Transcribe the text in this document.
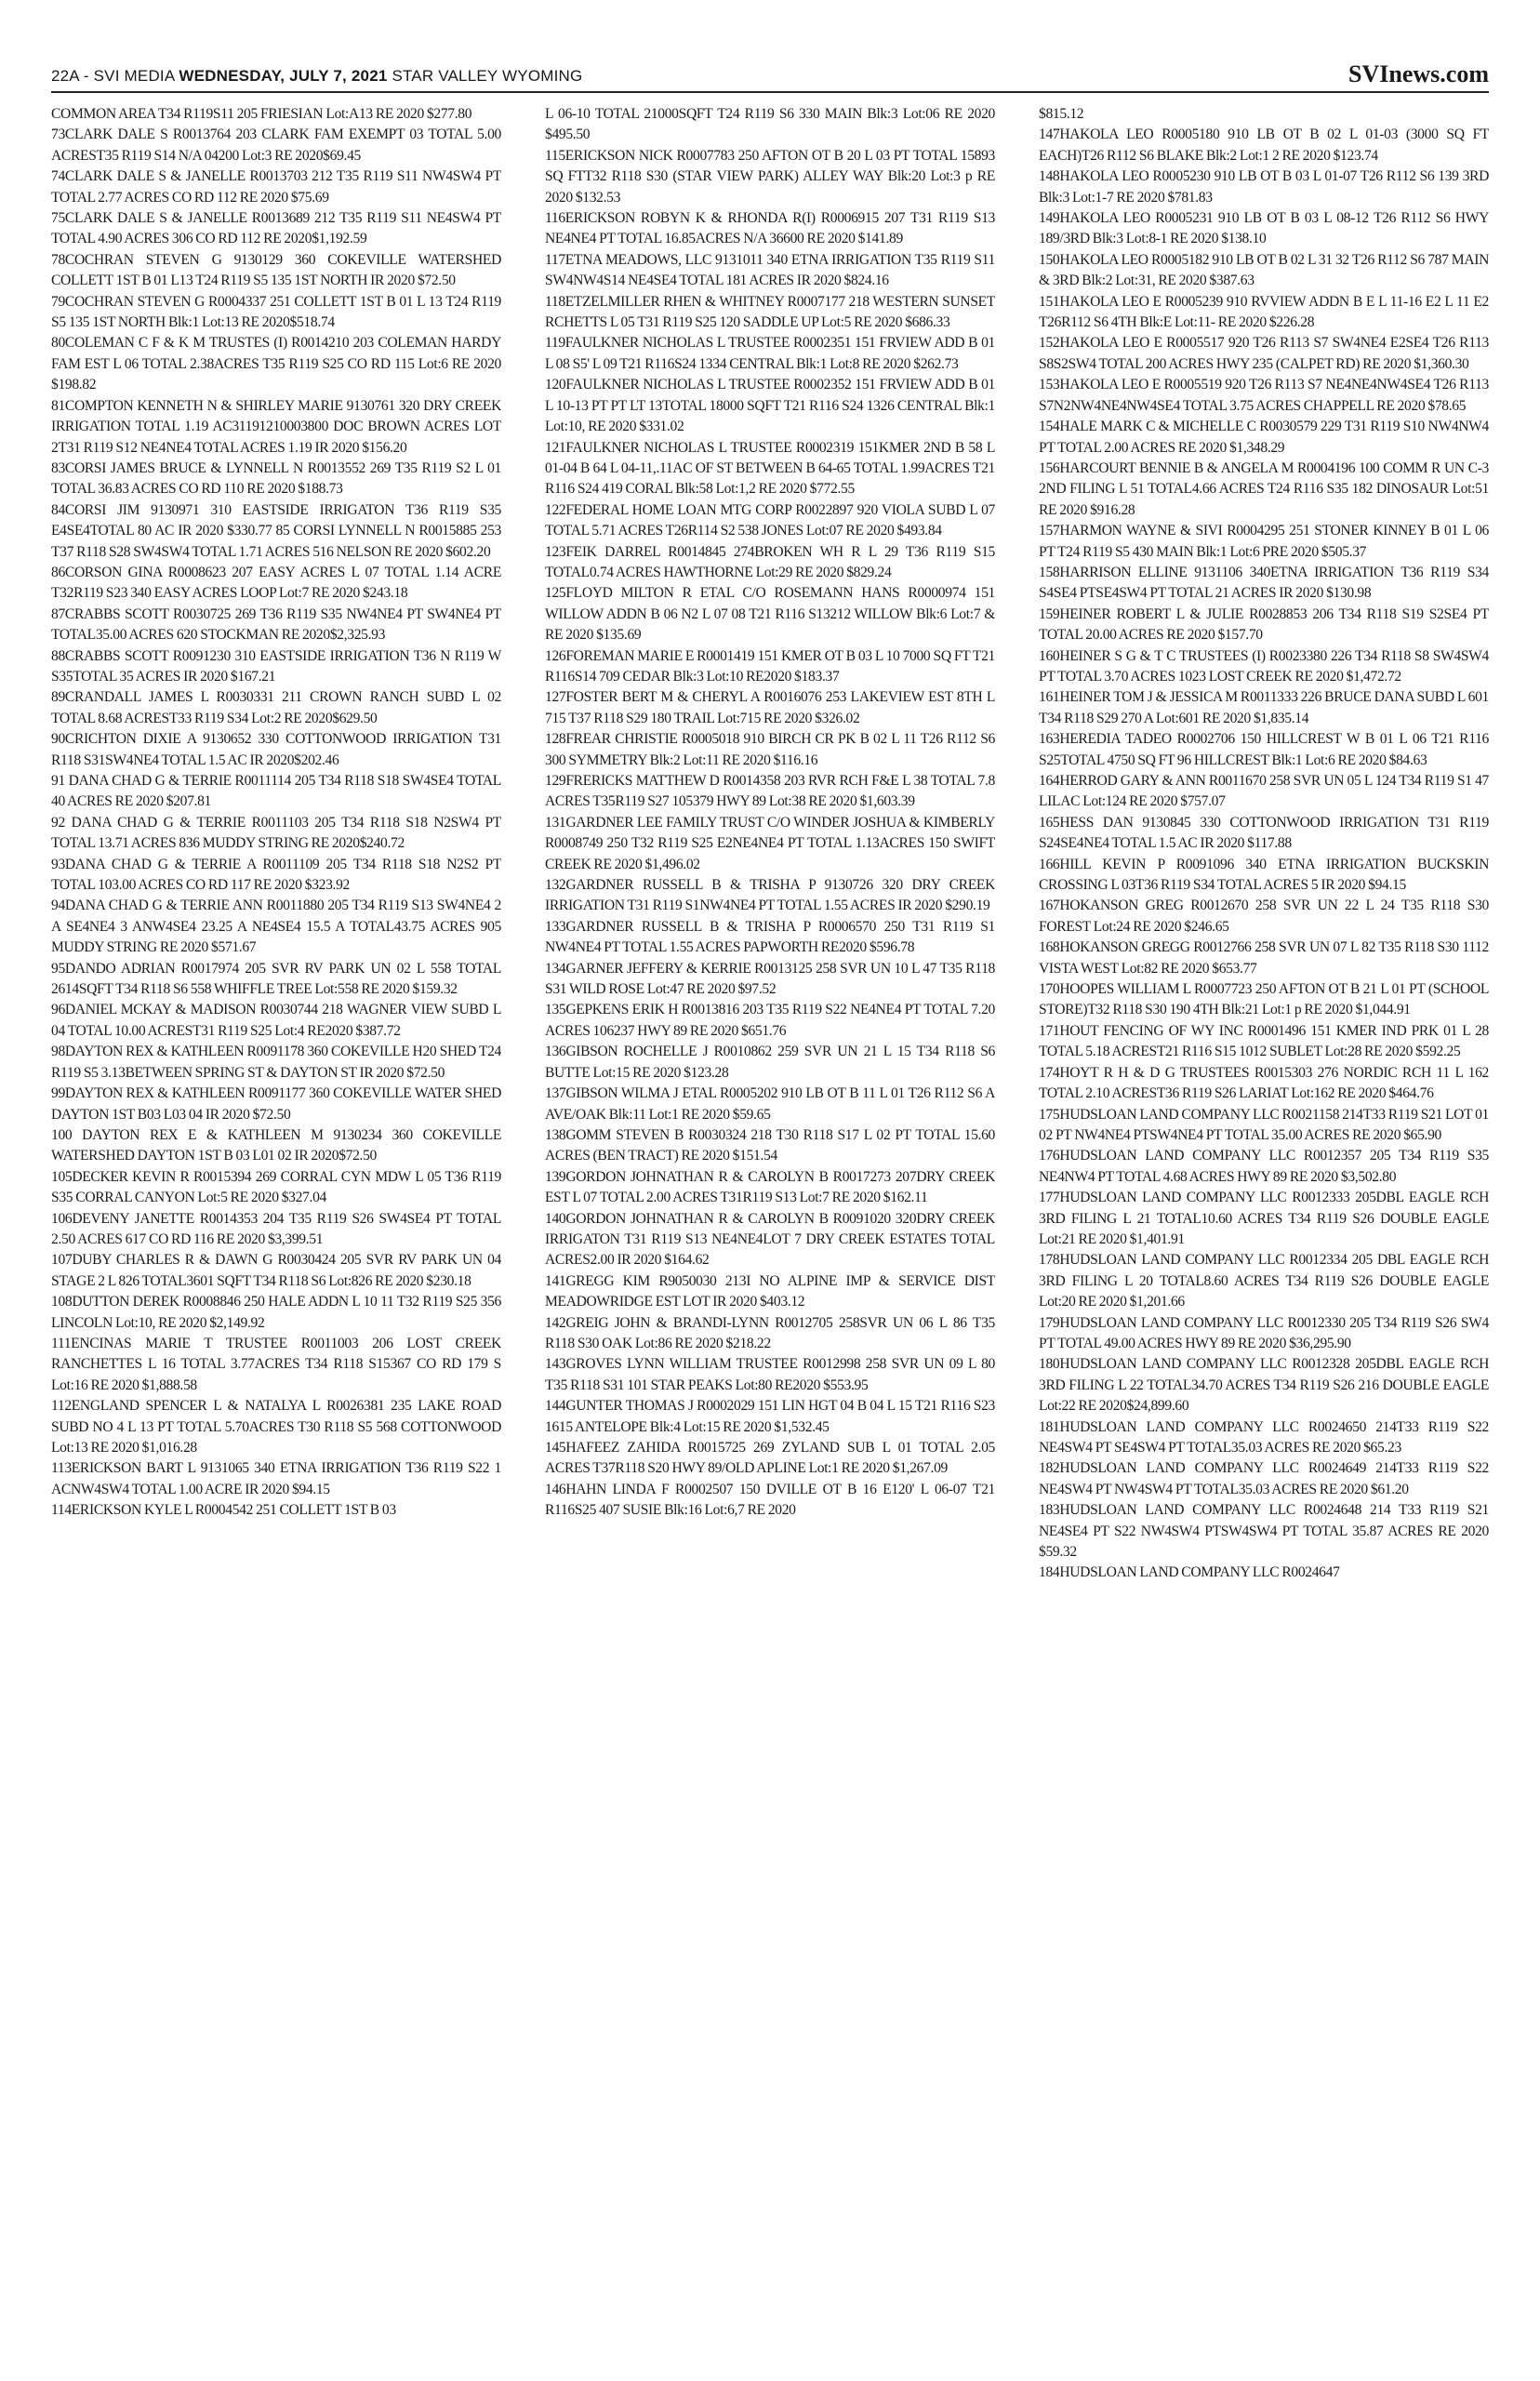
22A - SVI MEDIA WEDNESDAY, JULY 7, 2021 STAR VALLEY WYOMING	SVInews.com

COMMON AREA T34 R119S11 205 FRIESIAN Lot:A13 RE 2020 $277.80

73CLARK DALE S R0013764 203 CLARK FAM EXEMPT 03 TOTAL 5.00 ACREST35 R119 S14 N/A 04200 Lot:3 RE 2020$69.45

74CLARK DALE S & JANELLE R0013703 212 T35 R119 S11 NW4SW4 PT TOTAL 2.77 ACRES CO RD 112 RE 2020 $75.69

75CLARK DALE S & JANELLE R0013689 212 T35 R119 S11 NE4SW4 PT TOTAL 4.90 ACRES 306 CO RD 112 RE 2020$1,192.59

78COCHRAN STEVEN G 9130129 360 COKEVILLE WATERSHED COLLETT 1ST B 01 L13 T24 R119 S5 135 1ST NORTH IR 2020 $72.50

79COCHRAN STEVEN G R0004337 251 COLLETT 1ST B 01 L 13 T24 R119 S5 135 1ST NORTH Blk:1 Lot:13 RE 2020$518.74

80COLEMAN C F & K M TRUSTES (I) R0014210 203 COLEMAN HARDY FAM EST L 06 TOTAL 2.38ACRES T35 R119 S25 CO RD 115 Lot:6 RE 2020 $198.82

81COMPTON KENNETH N & SHIRLEY MARIE 9130761 320 DRY CREEK IRRIGATION TOTAL 1.19 AC31191210003800 DOC BROWN ACRES LOT 2T31 R119 S12 NE4NE4 TOTAL ACRES 1.19 IR 2020 $156.20

83CORSI JAMES BRUCE & LYNNELL N R0013552 269 T35 R119 S2 L 01 TOTAL 36.83 ACRES CO RD 110 RE 2020 $188.73

84CORSI JIM 9130971 310 EASTSIDE IRRIGATON T36 R119 S35 E4SE4TOTAL 80 AC IR 2020 $330.77 85 CORSI LYNNELL N R0015885 253 T37 R118 S28 SW4SW4 TOTAL 1.71 ACRES 516 NELSON RE 2020 $602.20

86CORSON GINA R0008623 207 EASY ACRES L 07 TOTAL 1.14 ACRE T32R119 S23 340 EASY ACRES LOOP Lot:7 RE 2020 $243.18

87CRABBS SCOTT R0030725 269 T36 R119 S35 NW4NE4 PT SW4NE4 PT TOTAL35.00 ACRES 620 STOCKMAN RE 2020$2,325.93

88CRABBS SCOTT R0091230 310 EASTSIDE IRRIGATION T36 N R119 W S35TOTAL 35 ACRES IR 2020 $167.21

89CRANDALL JAMES L R0030331 211 CROWN RANCH SUBD L 02 TOTAL 8.68 ACREST33 R119 S34 Lot:2 RE 2020$629.50

90CRICHTON DIXIE A 9130652 330 COTTONWOOD IRRIGATION T31 R118 S31SW4NE4 TOTAL 1.5 AC IR 2020$202.46

91 DANA CHAD G & TERRIE R0011114 205 T34 R118 S18 SW4SE4 TOTAL 40 ACRES RE 2020 $207.81

92 DANA CHAD G & TERRIE R0011103 205 T34 R118 S18 N2SW4 PT TOTAL 13.71 ACRES 836 MUDDY STRING RE 2020$240.72

93DANA CHAD G & TERRIE A R0011109 205 T34 R118 S18 N2S2 PT TOTAL 103.00 ACRES CO RD 117 RE 2020 $323.92

94DANA CHAD G & TERRIE ANN R0011880 205 T34 R119 S13 SW4NE4 2 A SE4NE4 3 ANW4SE4 23.25 A NE4SE4 15.5 A TOTAL43.75 ACRES 905 MUDDY STRING RE 2020 $571.67

95DANDO ADRIAN R0017974 205 SVR RV PARK UN 02 L 558 TOTAL 2614SQFT T34 R118 S6 558 WHIFFLE TREE Lot:558 RE 2020 $159.32

96DANIEL MCKAY & MADISON R0030744 218 WAGNER VIEW SUBD L 04 TOTAL 10.00 ACREST31 R119 S25 Lot:4 RE2020 $387.72

98DAYTON REX & KATHLEEN R0091178 360 COKEVILLE H20 SHED T24 R119 S5 3.13BETWEEN SPRING ST & DAYTON ST IR 2020 $72.50

99DAYTON REX & KATHLEEN R0091177 360 COKEVILLE WATER SHED DAYTON 1ST B03 L03 04 IR 2020 $72.50

100 DAYTON REX E & KATHLEEN M 9130234 360 COKEVILLE WATERSHED DAYTON 1ST B 03 L01 02 IR 2020$72.50

105DECKER KEVIN R R0015394 269 CORRAL CYN MDW L 05 T36 R119 S35 CORRAL CANYON Lot:5 RE 2020 $327.04

106DEVENY JANETTE R0014353 204 T35 R119 S26 SW4SE4 PT TOTAL 2.50 ACRES 617 CO RD 116 RE 2020 $3,399.51

107DUBY CHARLES R & DAWN G R0030424 205 SVR RV PARK UN 04 STAGE 2 L 826 TOTAL3601 SQFT T34 R118 S6 Lot:826 RE 2020 $230.18

108DUTTON DEREK R0008846 250 HALE ADDN L 10 11 T32 R119 S25 356 LINCOLN Lot:10, RE 2020 $2,149.92

111ENCINAS MARIE T TRUSTEE R0011003 206 LOST CREEK RANCHETTES L 16 TOTAL 3.77ACRES T34 R118 S15367 CO RD 179 S Lot:16 RE 2020 $1,888.58

112ENGLAND SPENCER L & NATALYA L R0026381 235 LAKE ROAD SUBD NO 4 L 13 PT TOTAL 5.70ACRES T30 R118 S5 568 COTTONWOOD Lot:13 RE 2020 $1,016.28

113ERICKSON BART L 9131065 340 ETNA IRRIGATION T36 R119 S22 1 ACNW4SW4 TOTAL 1.00 ACRE IR 2020 $94.15

114ERICKSON KYLE L R0004542 251 COLLETT 1ST B 03

L 06-10 TOTAL 21000SQFT T24 R119 S6 330 MAIN Blk:3 Lot:06 RE 2020 $495.50

115ERICKSON NICK R0007783 250 AFTON OT B 20 L 03 PT TOTAL 15893 SQ FTT32 R118 S30 (STAR VIEW PARK) ALLEY WAY Blk:20 Lot:3 p RE 2020 $132.53

116ERICKSON ROBYN K & RHONDA R(I) R0006915 207 T31 R119 S13 NE4NE4 PT TOTAL 16.85ACRES N/A 36600 RE 2020 $141.89

117ETNA MEADOWS, LLC 9131011 340 ETNA IRRIGATION T35 R119 S11 SW4NW4S14 NE4SE4 TOTAL 181 ACRES IR 2020 $824.16

118ETZELMILLER RHEN & WHITNEY R0007177 218 WESTERN SUNSET RCHETTS L 05 T31 R119 S25 120 SADDLE UP Lot:5 RE 2020 $686.33

119FAULKNER NICHOLAS L TRUSTEE R0002351 151 FRVIEW ADD B 01 L 08 S5' L 09 T21 R116S24 1334 CENTRAL Blk:1 Lot:8 RE 2020 $262.73

120FAULKNER NICHOLAS L TRUSTEE R0002352 151 FRVIEW ADD B 01 L 10-13 PT PT LT 13TOTAL 18000 SQFT T21 R116 S24 1326 CENTRAL Blk:1 Lot:10, RE 2020 $331.02

121FAULKNER NICHOLAS L TRUSTEE R0002319 151KMER 2ND B 58 L 01-04 B 64 L 04-11,.11AC OF ST BETWEEN B 64-65 TOTAL 1.99ACRES T21 R116 S24 419 CORAL Blk:58 Lot:1,2 RE 2020 $772.55

122FEDERAL HOME LOAN MTG CORP R0022897 920 VIOLA SUBD L 07 TOTAL 5.71 ACRES T26R114 S2 538 JONES Lot:07 RE 2020 $493.84

123FEIK DARREL R0014845 274BROKEN WH R L 29 T36 R119 S15 TOTAL0.74 ACRES HAWTHORNE Lot:29 RE 2020 $829.24

125FLOYD MILTON R ETAL C/O ROSEMANN HANS R0000974 151 WILLOW ADDN B 06 N2 L 07 08 T21 R116 S13212 WILLOW Blk:6 Lot:7 & RE 2020 $135.69

126FOREMAN MARIE E R0001419 151 KMER OT B 03 L 10 7000 SQ FT T21 R116S14 709 CEDAR Blk:3 Lot:10 RE2020 $183.37

127FOSTER BERT M & CHERYL A R0016076 253 LAKEVIEW EST 8TH L 715 T37 R118 S29 180 TRAIL Lot:715 RE 2020 $326.02

128FREAR CHRISTIE R0005018 910 BIRCH CR PK B 02 L 11 T26 R112 S6 300 SYMMETRY Blk:2 Lot:11 RE 2020 $116.16

129FRERICKS MATTHEW D R0014358 203 RVR RCH F&E L 38 TOTAL 7.8 ACRES T35R119 S27 105379 HWY 89 Lot:38 RE 2020 $1,603.39

131GARDNER LEE FAMILY TRUST C/O WINDER JOSHUA & KIMBERLY R0008749 250 T32 R119 S25 E2NE4NE4 PT TOTAL 1.13ACRES 150 SWIFT CREEK RE 2020 $1,496.02

132GARDNER RUSSELL B & TRISHA P 9130726 320 DRY CREEK IRRIGATION T31 R119 S1NW4NE4 PT TOTAL 1.55 ACRES IR 2020 $290.19

133GARDNER RUSSELL B & TRISHA P R0006570 250 T31 R119 S1 NW4NE4 PT TOTAL 1.55 ACRES PAPWORTH RE2020 $596.78

134GARNER JEFFERY & KERRIE R0013125 258 SVR UN 10 L 47 T35 R118 S31 WILD ROSE Lot:47 RE 2020 $97.52

135GEPKENS ERIK H R0013816 203 T35 R119 S22 NE4NE4 PT TOTAL 7.20 ACRES 106237 HWY 89 RE 2020 $651.76

136GIBSON ROCHELLE J R0010862 259 SVR UN 21 L 15 T34 R118 S6 BUTTE Lot:15 RE 2020 $123.28

137GIBSON WILMA J ETAL R0005202 910 LB OT B 11 L 01 T26 R112 S6 A AVE/OAK Blk:11 Lot:1 RE 2020 $59.65

138GOMM STEVEN B R0030324 218 T30 R118 S17 L 02 PT TOTAL 15.60 ACRES (BEN TRACT) RE 2020 $151.54

139GORDON JOHNATHAN R & CAROLYN B R0017273 207DRY CREEK EST L 07 TOTAL 2.00 ACRES T31R119 S13 Lot:7 RE 2020 $162.11

140GORDON JOHNATHAN R & CAROLYN B R0091020 320DRY CREEK IRRIGATON T31 R119 S13 NE4NE4LOT 7 DRY CREEK ESTATES TOTAL ACRES2.00 IR 2020 $164.62

141GREGG KIM R9050030 213I NO ALPINE IMP & SERVICE DIST MEADOWRIDGE EST LOT IR 2020 $403.12

142GREIG JOHN & BRANDI-LYNN R0012705 258SVR UN 06 L 86 T35 R118 S30 OAK Lot:86 RE 2020 $218.22

143GROVES LYNN WILLIAM TRUSTEE R0012998 258 SVR UN 09 L 80 T35 R118 S31 101 STAR PEAKS Lot:80 RE2020 $553.95

144GUNTER THOMAS J R0002029 151 LIN HGT 04 B 04 L 15 T21 R116 S23 1615 ANTELOPE Blk:4 Lot:15 RE 2020 $1,532.45

145HAFEEZ ZAHIDA R0015725 269 ZYLAND SUB L 01 TOTAL 2.05 ACRES T37R118 S20 HWY 89/OLD APLINE Lot:1 RE 2020 $1,267.09

146HAHN LINDA F R0002507 150 DVILLE OT B 16 E120' L 06-07 T21 R116S25 407 SUSIE Blk:16 Lot:6,7 RE 2020

$815.12

147HAKOLA LEO R0005180 910 LB OT B 02 L 01-03 (3000 SQ FT EACH)T26 R112 S6 BLAKE Blk:2 Lot:1 2 RE 2020 $123.74

148HAKOLA LEO R0005230 910 LB OT B 03 L 01-07 T26 R112 S6 139 3RD Blk:3 Lot:1-7 RE 2020 $781.83

149HAKOLA LEO R0005231 910 LB OT B 03 L 08-12 T26 R112 S6 HWY 189/3RD Blk:3 Lot:8-1 RE 2020 $138.10

150HAKOLA LEO R0005182 910 LB OT B 02 L 31 32 T26 R112 S6 787 MAIN & 3RD Blk:2 Lot:31, RE 2020 $387.63

151HAKOLA LEO E R0005239 910 RVVIEW ADDN B E L 11-16 E2 L 11 E2 T26R112 S6 4TH Blk:E Lot:11- RE 2020 $226.28

152HAKOLA LEO E R0005517 920 T26 R113 S7 SW4NE4 E2SE4 T26 R113 S8S2SW4 TOTAL 200 ACRES HWY 235 (CALPET RD) RE 2020 $1,360.30

153HAKOLA LEO E R0005519 920 T26 R113 S7 NE4NE4NW4SE4 T26 R113 S7N2NW4NE4NW4SE4 TOTAL 3.75 ACRES CHAPPELL RE 2020 $78.65

154HALE MARK C & MICHELLE C R0030579 229 T31 R119 S10 NW4NW4 PT TOTAL 2.00 ACRES RE 2020 $1,348.29

156HARCOURT BENNIE B & ANGELA M R0004196 100 COMM R UN C-3 2ND FILING L 51 TOTAL4.66 ACRES T24 R116 S35 182 DINOSAUR Lot:51 RE 2020 $916.28

157HARMON WAYNE & SIVI R0004295 251 STONER KINNEY B 01 L 06 PT T24 R119 S5 430 MAIN Blk:1 Lot:6 PRE 2020 $505.37

158HARRISON ELLINE 9131106 340ETNA IRRIGATION T36 R119 S34 S4SE4 PTSE4SW4 PT TOTAL 21 ACRES IR 2020 $130.98

159HEINER ROBERT L & JULIE R0028853 206 T34 R118 S19 S2SE4 PT TOTAL 20.00 ACRES RE 2020 $157.70

160HEINER S G & T C TRUSTEES (I) R0023380 226 T34 R118 S8 SW4SW4 PT TOTAL 3.70 ACRES 1023 LOST CREEK RE 2020 $1,472.72

161HEINER TOM J & JESSICA M R0011333 226 BRUCE DANA SUBD L 601 T34 R118 S29 270 A Lot:601 RE 2020 $1,835.14

163HEREDIA TADEO R0002706 150 HILLCREST W B 01 L 06 T21 R116 S25TOTAL 4750 SQ FT 96 HILLCREST Blk:1 Lot:6 RE 2020 $84.63

164HERROD GARY & ANN R0011670 258 SVR UN 05 L 124 T34 R119 S1 47 LILAC Lot:124 RE 2020 $757.07

165HESS DAN 9130845 330 COTTONWOOD IRRIGATION T31 R119 S24SE4NE4 TOTAL 1.5 AC IR 2020 $117.88

166HILL KEVIN P R0091096 340 ETNA IRRIGATION BUCKSKIN CROSSING L 03T36 R119 S34 TOTAL ACRES 5 IR 2020 $94.15

167HOKANSON GREG R0012670 258 SVR UN 22 L 24 T35 R118 S30 FOREST Lot:24 RE 2020 $246.65

168HOKANSON GREGG R0012766 258 SVR UN 07 L 82 T35 R118 S30 1112 VISTA WEST Lot:82 RE 2020 $653.77

170HOOPES WILLIAM L R0007723 250 AFTON OT B 21 L 01 PT (SCHOOL STORE)T32 R118 S30 190 4TH Blk:21 Lot:1 p RE 2020 $1,044.91

171HOUT FENCING OF WY INC R0001496 151 KMER IND PRK 01 L 28 TOTAL 5.18 ACREST21 R116 S15 1012 SUBLET Lot:28 RE 2020 $592.25

174HOYT R H & D G TRUSTEES R0015303 276 NORDIC RCH 11 L 162 TOTAL 2.10 ACREST36 R119 S26 LARIAT Lot:162 RE 2020 $464.76

175HUDSLOAN LAND COMPANY LLC R0021158 214T33 R119 S21 LOT 01 02 PT NW4NE4 PTSW4NE4 PT TOTAL 35.00 ACRES RE 2020 $65.90

176HUDSLOAN LAND COMPANY LLC R0012357 205 T34 R119 S35 NE4NW4 PT TOTAL 4.68 ACRES HWY 89 RE 2020 $3,502.80

177HUDSLOAN LAND COMPANY LLC R0012333 205DBL EAGLE RCH 3RD FILING L 21 TOTAL10.60 ACRES T34 R119 S26 DOUBLE EAGLE Lot:21 RE 2020 $1,401.91

178HUDSLOAN LAND COMPANY LLC R0012334 205 DBL EAGLE RCH 3RD FILING L 20 TOTAL8.60 ACRES T34 R119 S26 DOUBLE EAGLE Lot:20 RE 2020 $1,201.66

179HUDSLOAN LAND COMPANY LLC R0012330 205 T34 R119 S26 SW4 PT TOTAL 49.00 ACRES HWY 89 RE 2020 $36,295.90

180HUDSLOAN LAND COMPANY LLC R0012328 205DBL EAGLE RCH 3RD FILING L 22 TOTAL34.70 ACRES T34 R119 S26 216 DOUBLE EAGLE Lot:22 RE 2020$24,899.60

181HUDSLOAN LAND COMPANY LLC R0024650 214T33 R119 S22 NE4SW4 PT SE4SW4 PT TOTAL35.03 ACRES RE 2020 $65.23

182HUDSLOAN LAND COMPANY LLC R0024649 214T33 R119 S22 NE4SW4 PT NW4SW4 PT TOTAL35.03 ACRES RE 2020 $61.20

183HUDSLOAN LAND COMPANY LLC R0024648 214 T33 R119 S21 NE4SE4 PT S22 NW4SW4 PTSW4SW4 PT TOTAL 35.87 ACRES RE 2020 $59.32

184HUDSLOAN LAND COMPANY LLC R0024647
